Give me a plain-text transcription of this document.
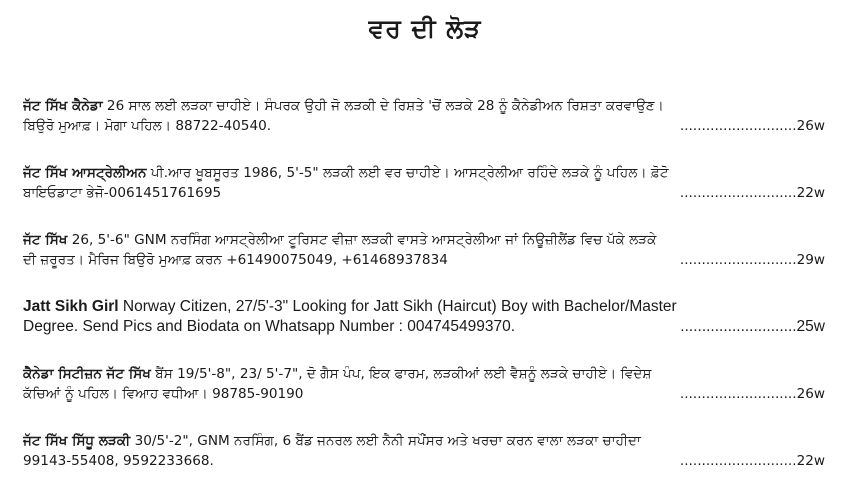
ਵਰ ਦੀ ਲੋੜ
ਜੱਟ ਸਿੱਖ ਕੈਨੇਡਾ 26 ਸਾਲ ਲਈ ਲੜਕਾ ਚਾਹੀਏ। ਸੰਪਰਕ ਉਹੀ ਜੋ ਲੜਕੀ ਦੇ ਰਿਸ਼ਤੇ 'ਚੋਂ ਲੜਕੇ 28 ਨੂੰ ਕੈਨੇਡੀਅਨ ਰਿਸ਼ਤਾ ਕਰਵਾਉਣ।
ਬਿਉਰੋ ਮੁਆਫ਼। ਮੋਗਾ ਪਹਿਲ। 88722-40540.	...........................26w
ਜੱਟ ਸਿੱਖ ਆਸਟ੍ਰੇਲੀਅਨ ਪੀ.ਆਰ ਖੂਬਸੂਰਤ 1986, 5'-5" ਲੜਕੀ ਲਈ ਵਰ ਚਾਹੀਏ। ਆਸਟ੍ਰੇਲੀਆ ਰਹਿੰਦੇ ਲੜਕੇ ਨੂੰ ਪਹਿਲ। ਫ਼ੋਟੋ
ਬਾਇਓਡਾਟਾ ਭੇਜੋ-0061451761695	...........................22w
ਜੱਟ ਸਿੱਖ 26, 5'-6" GNM ਨਰਸਿੰਗ ਆਸਟ੍ਰੇਲੀਆ ਟੂਰਿਸਟ ਵੀਜ਼ਾ ਲੜਕੀ ਵਾਸਤੇ ਆਸਟ੍ਰੇਲੀਆ ਜਾਂ ਨਿਊਜ਼ੀਲੈਂਡ ਵਿਚ ਪੱਕੇ ਲੜਕੇ
ਦੀ ਜ਼ਰੂਰਤ। ਮੈਰਿਜ ਬਿਉਰੋ ਮੁਆਫ਼ ਕਰਨ +61490075049, +61468937834	...........................29w
Jatt Sikh Girl Norway Citizen, 27/5'-3" Looking for Jatt Sikh (Haircut) Boy with Bachelor/Master
Degree. Send Pics and Biodata on Whatsapp Number : 004745499370.	...........................25w
ਕੈਨੇਡਾ ਸਿਟੀਜ਼ਨ ਜੱਟ ਸਿੱਖ ਬੈਂਸ 19/5'-8", 23/ 5'-7", ਦੋ ਗੈਸ ਪੰਪ, ਇਕ ਫਾਰਮ, ਲੜਕੀਆਂ ਲਈ ਵੈਸ਼ਨੂੰ ਲੜਕੇ ਚਾਹੀਏ। ਵਿਦੇਸ਼
ਕੱਚਿਆਂ ਨੂੰ ਪਹਿਲ। ਵਿਆਹ ਵਧੀਆ। 98785-90190	...........................26w
ਜੱਟ ਸਿੱਖ ਸਿੱਧੂ ਲੜਕੀ 30/5'-2", GNM ਨਰਸਿੰਗ, 6 ਬੈਂਡ ਜਨਰਲ ਲਈ ਨੈਨੀ ਸਪੌਂਸਰ ਅਤੇ ਖਰਚਾ ਕਰਨ ਵਾਲਾ ਲੜਕਾ ਚਾਹੀਦਾ
99143-55408, 9592233668.	...........................22w
